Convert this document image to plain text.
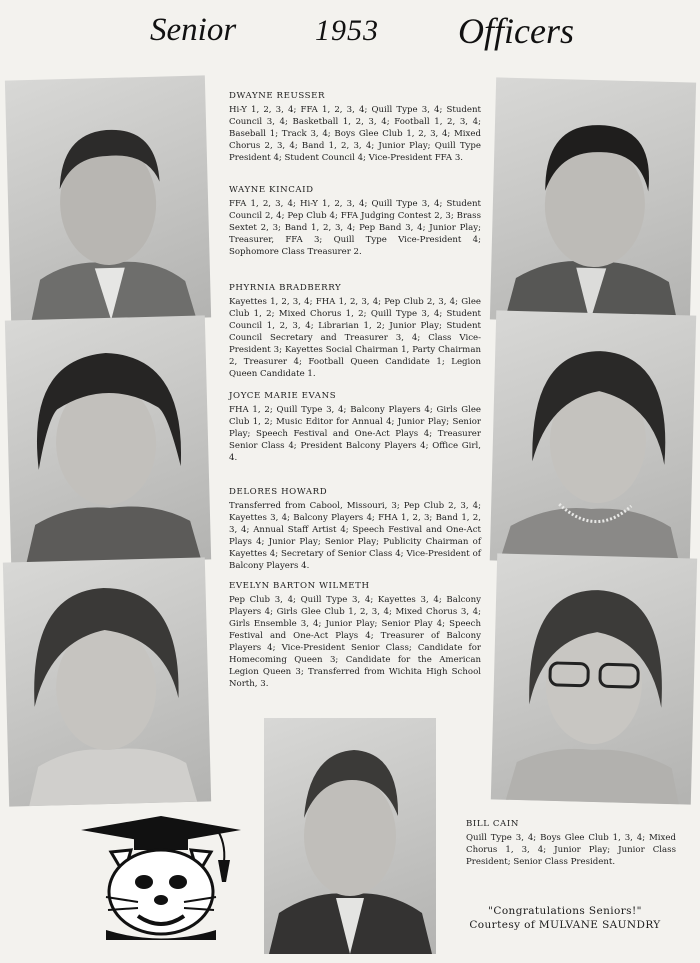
Senior	1953 Officers
DWAYNE REUSSER
Hi-Y 1, 2, 3, 4; FFA 1, 2, 3, 4; Quill Type 3, 4; Student Council 3, 4; Basketball 1, 2, 3, 4; Football 1, 2, 3, 4; Baseball 1; Track 3, 4; Boys Glee Club 1, 2, 3, 4; Mixed Chorus 2, 3, 4; Band 1, 2, 3, 4; Junior Play; Quill Type President 4; Student Council 4; Vice-President FFA 3.
WAYNE KINCAID
FFA 1, 2, 3, 4; Hi-Y 1, 2, 3, 4; Quill Type 3, 4; Student Council 2, 4; Pep Club 4; FFA Judging Contest 2, 3; Brass Sextet 2, 3; Band 1, 2, 3, 4; Pep Band 3, 4; Junior Play; Treasurer, FFA 3; Quill Type Vice-President 4; Sophomore Class Treasurer 2.
PHYRNIA BRADBERRY
Kayettes 1, 2, 3, 4; FHA 1, 2, 3, 4; Pep Club 2, 3, 4; Glee Club 1, 2; Mixed Chorus 1, 2; Quill Type 3, 4; Student Council 1, 2, 3, 4; Librarian 1, 2; Junior Play; Student Council Secretary and Treasurer 3, 4; Class Vice-President 3; Kayettes Social Chairman 1, Party Chairman 2, Treasurer 4; Football Queen Candidate 1; Legion Queen Candidate 1.
JOYCE MARIE EVANS
FHA 1, 2; Quill Type 3, 4; Balcony Players 4; Girls Glee Club 1, 2; Music Editor for Annual 4; Junior Play; Senior Play; Speech Festival and One-Act Plays 4; Treasurer Senior Class 4; President Balcony Players 4; Office Girl, 4.
DELORES HOWARD
Transferred from Cabool, Missouri, 3; Pep Club 2, 3, 4; Kayettes 3, 4; Balcony Players 4; FHA 1, 2, 3; Band 1, 2, 3, 4; Annual Staff Artist 4; Speech Festival and One-Act Plays 4; Junior Play; Senior Play; Publicity Chairman of Kayettes 4; Secretary of Senior Class 4; Vice-President of Balcony Players 4.
EVELYN BARTON WILMETH
Pep Club 3, 4; Quill Type 3, 4; Kayettes 3, 4; Balcony Players 4; Girls Glee Club 1, 2, 3, 4; Mixed Chorus 3, 4; Girls Ensemble 3, 4; Junior Play; Senior Play 4; Speech Festival and One-Act Plays 4; Treasurer of Balcony Players 4; Vice-President Senior Class; Candidate for Homecoming Queen 3; Candidate for the American Legion Queen 3; Transferred from Wichita High School North, 3.
BILL CAIN
Quill Type 3, 4; Boys Glee Club 1, 3, 4; Mixed Chorus 1, 3, 4; Junior Play; Junior Class President; Senior Class President.
"Congratulations Seniors!"
Courtesy of MULVANE SAUNDRY
